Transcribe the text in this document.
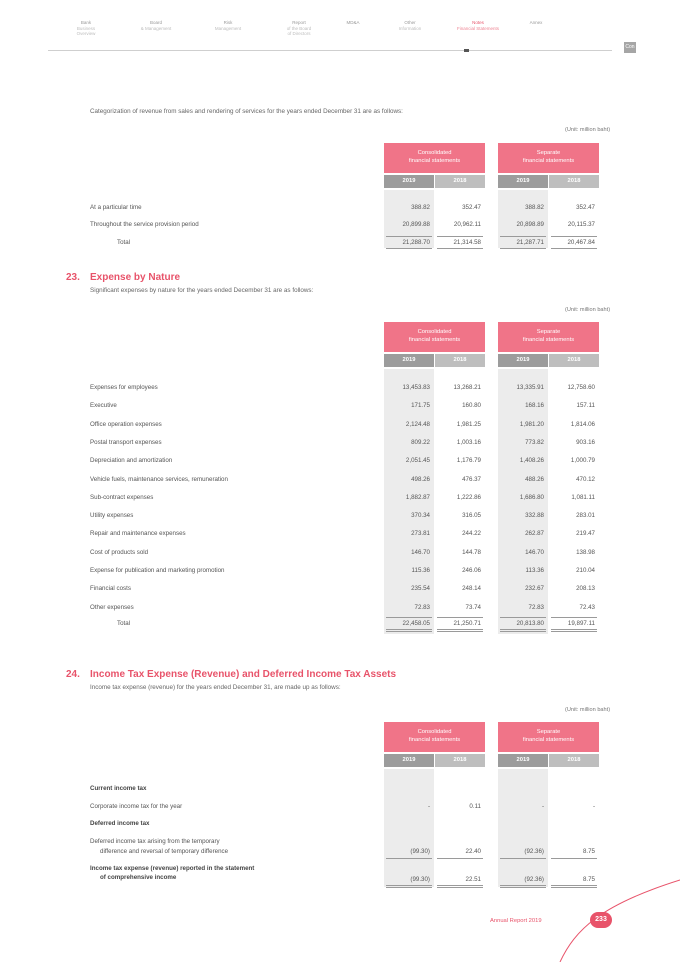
Bank
Business
Overview
Board
& Management
Risk
Management
Report
of the Board
of Directors
MD&A	Other
Information
Notes
Financial Statements
Annex
Con
Categorization of revenue from sales and rendering of services for the years ended December 31 are as follows:
(Unit: million baht)
Consolidated
financial statements
Separate
financial statements
2019	2018	2019	2018
At a particular time	388.82	352.47	388.82	352.47
Throughout the service provision period	20,899.88	20,962.11	20,898.89	20,115.37
Total	21,288.70	21,314.58	21,287.71	20,467.84
23. Expense by Nature
Significant expenses by nature for the years ended December 31 are as follows:
(Unit: million baht)
Consolidated
financial statements
Separate
financial statements
2019	2018	2019	2018
Expenses for employees	13,453.83	13,268.21	13,335.91	12,758.60
Executive	171.75	160.80	168.16	157.11
Office operation expenses	2,124.48	1,981.25	1,981.20	1,814.06
Postal transport expenses	809.22	1,003.16	773.82	903.16
Depreciation and amortization	2,051.45	1,176.79	1,408.26	1,000.79
Vehicle fuels, maintenance services, remuneration	498.26	476.37	488.26	470.12
Sub-contract expenses	1,882.87	1,222.86	1,686.80	1,081.11
Utility expenses	370.34	316.05	332.88	283.01
Repair and maintenance expenses	273.81	244.22	262.87	219.47
Cost of products sold	146.70	144.78	146.70	138.98
Expense for publication and marketing promotion	115.36	246.06	113.36	210.04
Financial costs	235.54	248.14	232.67	208.13
Other expenses	72.83	73.74	72.83	72.43
Total	22,458.05	21,250.71	20,813.80	19,897.11
24. Income Tax Expense (Revenue) and Deferred Income Tax Assets
Income tax expense (revenue) for the years ended December 31, are made up as follows:
(Unit: million baht)
Consolidated
financial statements
Separate
financial statements
2019	2018	2019	2018
Current income tax
Corporate income tax for the year	-	0.11	-	-
Deferred income tax
Deferred income tax arising from the temporary
difference and reversal of temporary difference	(99.30)	22.40	(92.36)	8.75
Income tax expense (revenue) reported in the statement
of comprehensive income	(99.30)	22.51	(92.36)	8.75
Annual Report 2019	233
